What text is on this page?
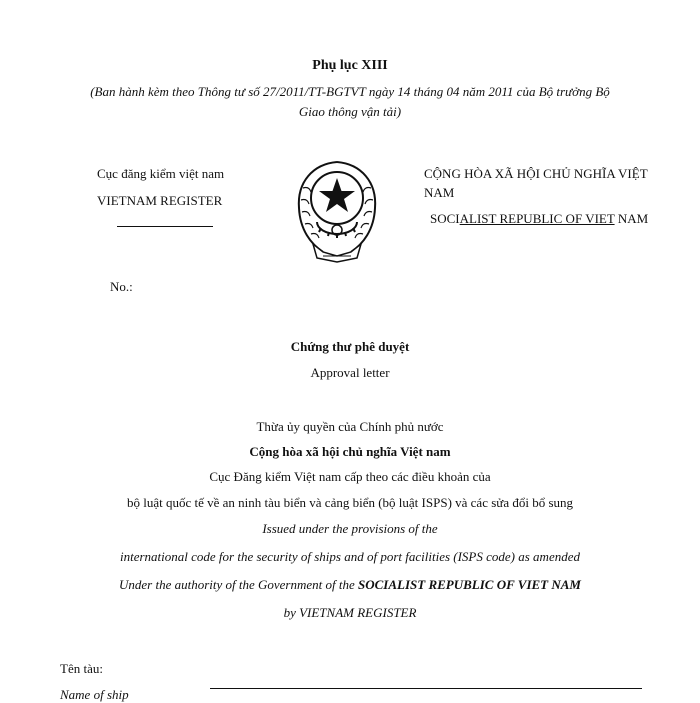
Phụ lục XIII
(Ban hành kèm theo Thông tư số 27/2011/TT-BGTVT ngày 14 tháng 04 năm 2011 của Bộ trưởng Bộ
Giao thông vận tải)
Cục đăng kiểm việt nam
VIETNAM REGISTER
No.:
CỘNG HÒA XÃ HỘI CHỦ NGHĨA VIỆT
NAM
SOCIALIST REPUBLIC OF VIET NAM
Chứng thư phê duyệt
Approval letter
Thừa ủy quyền của Chính phủ nước
Cộng hòa xã hội chủ nghĩa Việt nam
Cục Đăng kiểm Việt nam cấp theo các điều khoản của
bộ luật quốc tế về an ninh tàu biển và cảng biển (bộ luật ISPS) và các sửa đổi bổ sung
Issued under the provisions of the
international code for the security of ships and of port facilities (ISPS code) as amended
Under the authority of the Government of the SOCIALIST REPUBLIC OF VIET NAM
by VIETNAM REGISTER
Tên tàu:
Name of ship
